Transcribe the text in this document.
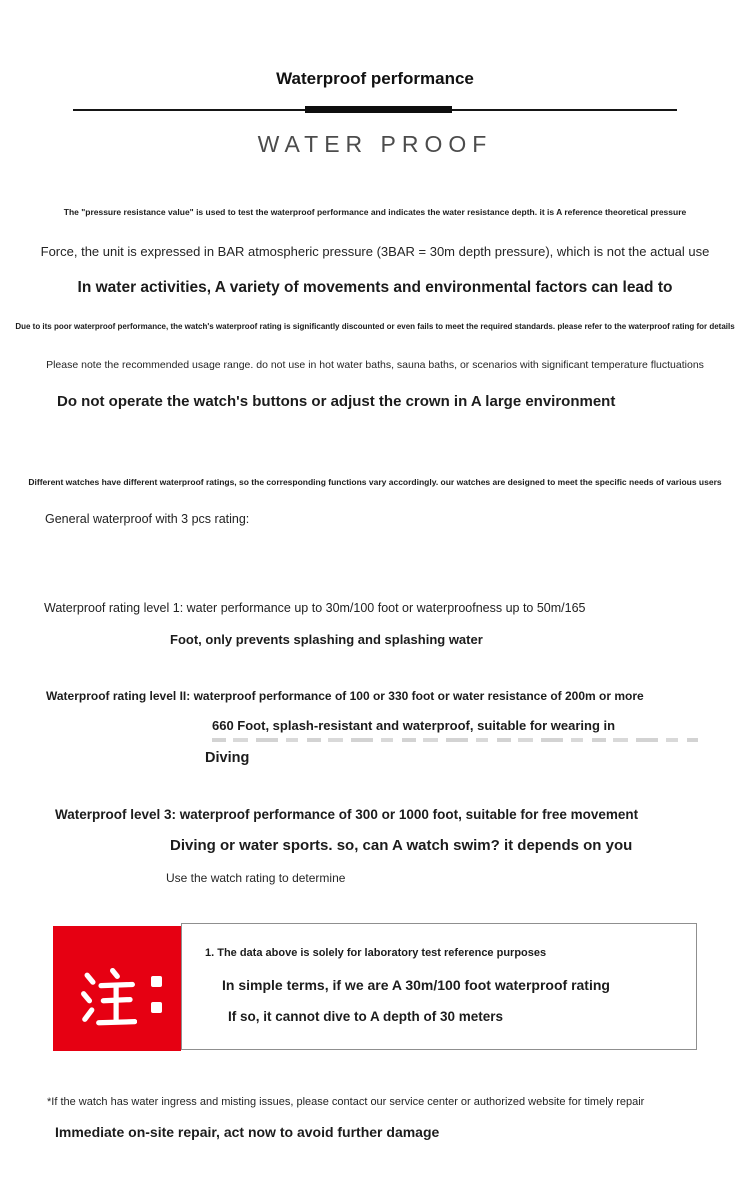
Waterproof performance
WATER PROOF
The "pressure resistance value" is used to test the waterproof performance and indicates the water resistance depth. it is A reference theoretical pressure
Force, the unit is expressed in BAR atmospheric pressure (3BAR = 30m depth pressure), which is not the actual use
In water activities, A variety of movements and environmental factors can lead to
Due to its poor waterproof performance, the watch's waterproof rating is significantly discounted or even fails to meet the required standards. please refer to the waterproof rating for details
Please note the recommended usage range. do not use in hot water baths, sauna baths, or scenarios with significant temperature fluctuations
Do not operate the watch's buttons or adjust the crown in A large environment
Different watches have different waterproof ratings, so the corresponding functions vary accordingly. our watches are designed to meet the specific needs of various users
General waterproof with 3 pcs rating:
Waterproof rating level 1: water performance up to 30m/100 foot or waterproofness up to 50m/165
Foot, only prevents splashing and splashing water
Waterproof rating level II: waterproof performance of 100 or 330 foot or water resistance of 200m or more
660 Foot, splash-resistant and waterproof, suitable for wearing in
Diving
Waterproof level 3: waterproof performance of 300 or 1000 foot, suitable for free movement
Diving or water sports. so, can A watch swim? it depends on you
Use the watch rating to determine
1. The data above is solely for laboratory test reference purposes
In simple terms, if we are A 30m/100 foot waterproof rating
If so, it cannot dive to A depth of 30 meters
*If the watch has water ingress and misting issues, please contact our service center or authorized website for timely repair
Immediate on-site repair, act now to avoid further damage
